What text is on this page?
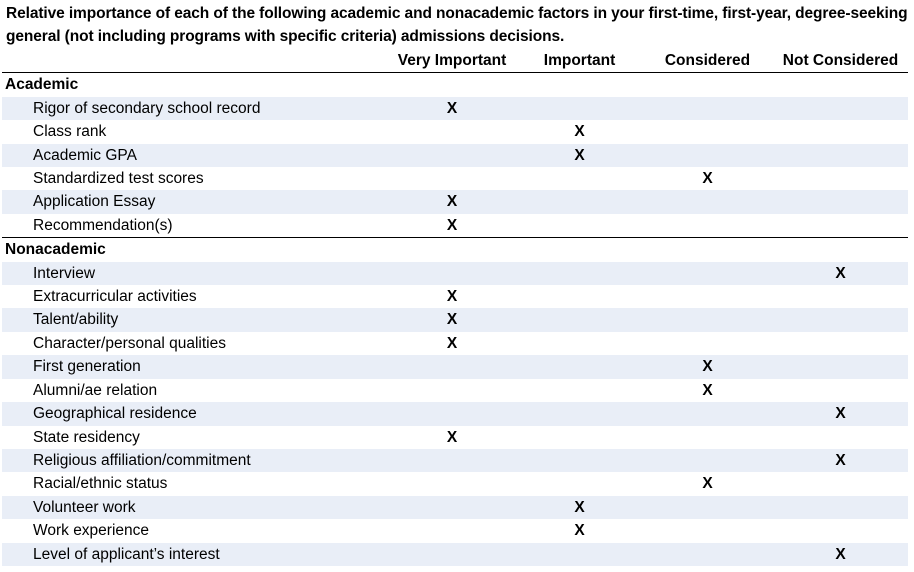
Relative importance of each of the following academic and nonacademic factors in your first-time, first-year, degree-seeking general (not including programs with specific criteria) admissions decisions.
	Very Important	Important	Considered	Not Considered
Academic				
Rigor of secondary school record	X			
Class rank		X		
Academic GPA		X		
Standardized test scores			X	
Application Essay	X			
Recommendation(s)	X			
Nonacademic				
Interview				X
Extracurricular activities	X			
Talent/ability	X			
Character/personal qualities	X			
First generation			X	
Alumni/ae relation			X	
Geographical residence				X
State residency	X			
Religious affiliation/commitment				X
Racial/ethnic status			X	
Volunteer work		X		
Work experience		X		
Level of applicant’s interest				X
